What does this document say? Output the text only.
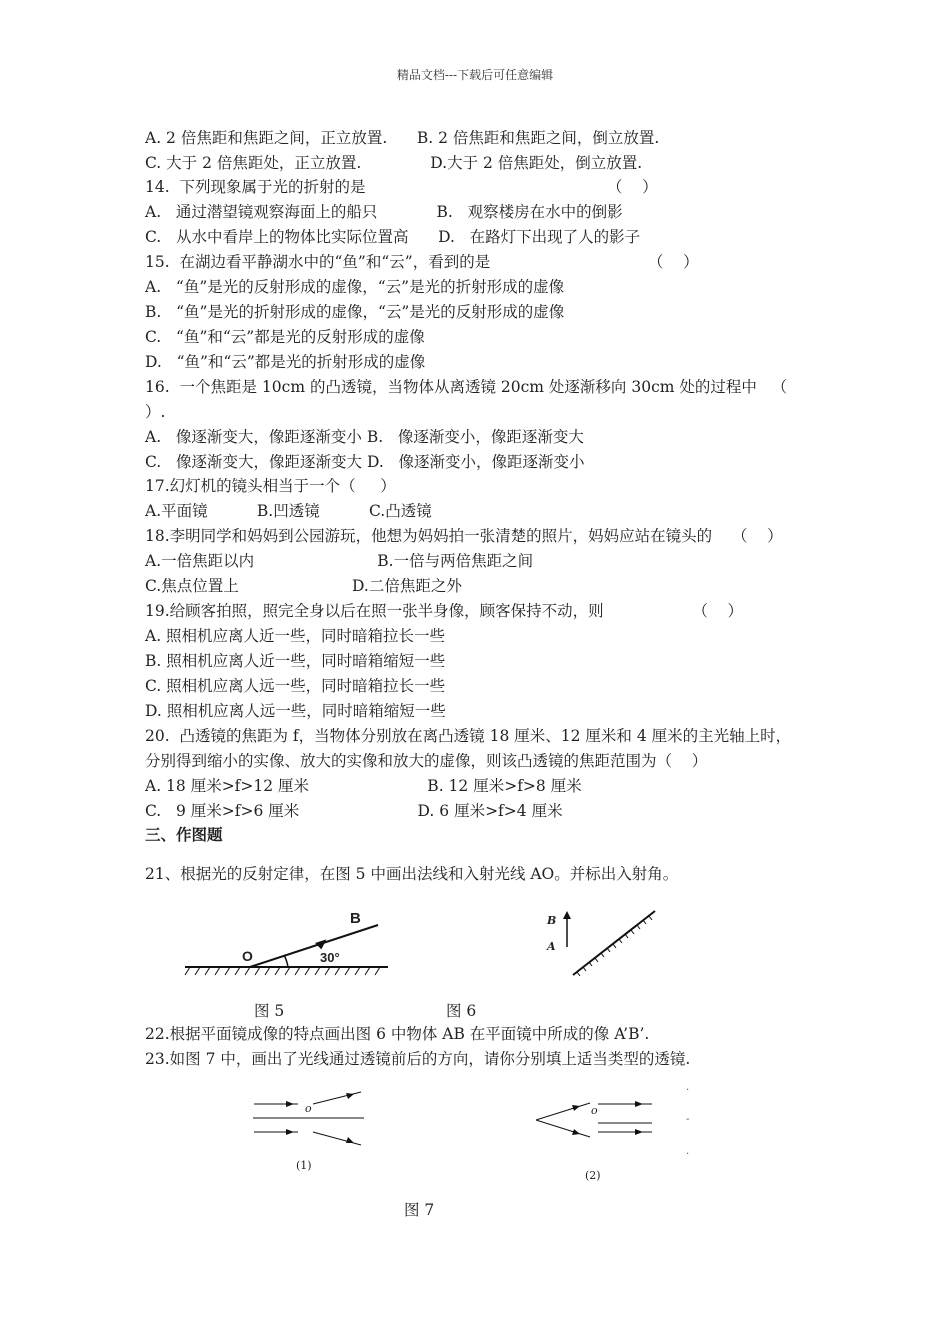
精品文档---下载后可任意编辑
A. 2 倍焦距和焦距之间，正立放置.      B. 2 倍焦距和焦距之间，倒立放置.
C. 大于 2 倍焦距处，正立放置.              D.大于 2 倍焦距处，倒立放置.
14.  下列现象属于光的折射的是                                                 （    ）
A.   通过潜望镜观察海面上的船只            B.   观察楼房在水中的倒影
C.   从水中看岸上的物体比实际位置高      D.   在路灯下出现了人的影子
15.  在湖边看平静湖水中的“鱼”和“云”，看到的是                                （    ）
A.   “鱼”是光的反射形成的虚像，“云”是光的折射形成的虚像
B.   “鱼”是光的折射形成的虚像，“云”是光的反射形成的虚像
C.   “鱼”和“云”都是光的反射形成的虚像
D.   “鱼”和“云”都是光的折射形成的虚像
16.  一个焦距是 10cm 的凸透镜，当物体从离透镜 20cm 处逐渐移向 30cm 处的过程中   （
）.
A.   像逐渐变大，像距逐渐变小 B.   像逐渐变小，像距逐渐变大
C.   像逐渐变大，像距逐渐变大 D.   像逐渐变小，像距逐渐变小
17.幻灯机的镜头相当于一个（     ）
A.平面镜          B.凹透镜          C.凸透镜
18.李明同学和妈妈到公园游玩，他想为妈妈拍一张清楚的照片，妈妈应站在镜头的    （    ）
A.一倍焦距以内                         B.一倍与两倍焦距之间
C.焦点位置上                       D.二倍焦距之外
19.给顾客拍照，照完全身以后在照一张半身像，顾客保持不动，则                  （    ）
A. 照相机应离人近一些，同时暗箱拉长一些
B. 照相机应离人近一些，同时暗箱缩短一些
C. 照相机应离人远一些，同时暗箱拉长一些
D. 照相机应离人远一些，同时暗箱缩短一些
20.  凸透镜的焦距为 f，当物体分别放在离凸透镜 18 厘米、12 厘米和 4 厘米的主光轴上时，
分别得到缩小的实像、放大的实像和放大的虚像，则该凸透镜的焦距范围为（    ）
A. 18 厘米>f>12 厘米                        B. 12 厘米>f>8 厘米
C.   9 厘米>f>6 厘米                        D. 6 厘米>f>4 厘米
三、作图题
21、根据光的反射定律，在图 5 中画出法线和入射光线 AO。并标出入射角。
O
B
30°
图 5
B
A
图 6
22.根据平面镜成像的特点画出图 6 中物体 AB 在平面镜中所成的像 A’B’.
23.如图 7 中，画出了光线通过透镜前后的方向，请你分别填上适当类型的透镜.
o
(1)
o
(2)
.
-
.
图 7
